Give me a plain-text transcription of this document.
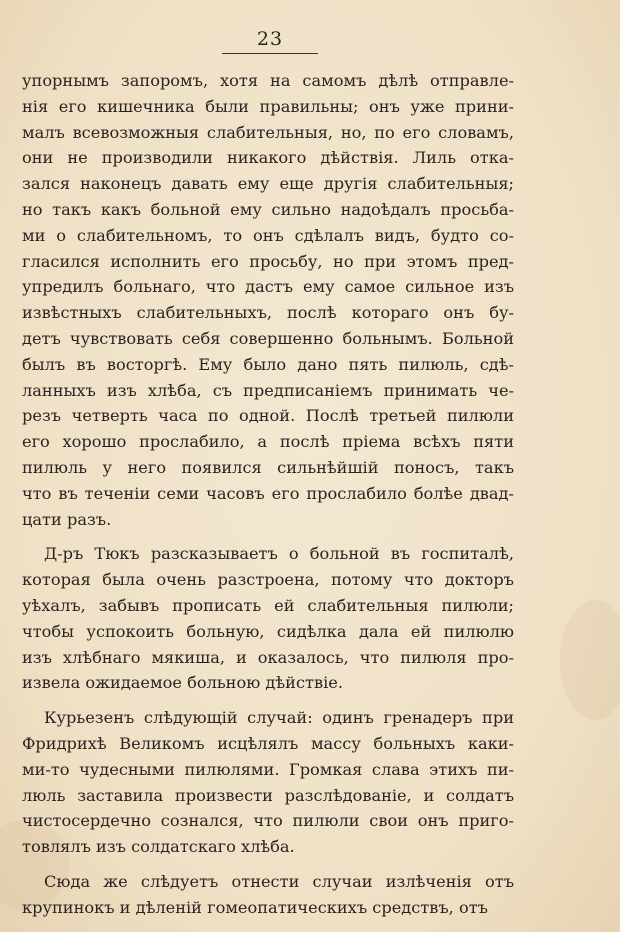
23
упорнымъ запоромъ, хотя на самомъ дѣлѣ отправле-
нія его кишечника были правильны; онъ уже прини-
малъ всевозможныя слабительныя, но, по его словамъ,
они не производили никакого дѣйствія. Лиль отка-
зался наконецъ давать ему еще другія слабительныя;
но такъ какъ больной ему сильно надоѣдалъ просьба-
ми о слабительномъ, то онъ сдѣлалъ видъ, будто со-
гласился исполнить его просьбу, но при этомъ пред-
упредилъ больнаго, что дастъ ему самое сильное изъ
извѣстныхъ слабительныхъ, послѣ котораго онъ бу-
детъ чувствовать себя совершенно больнымъ. Больной
былъ въ восторгѣ. Ему было дано пять пилюль, сдѣ-
ланныхъ изъ хлѣба, съ предписаніемъ принимать че-
резъ четверть часа по одной. Послѣ третьей пилюли
его хорошо прослабило, а послѣ пріема всѣхъ пяти
пилюль у него появился сильнѣйшій поносъ, такъ
что въ теченіи семи часовъ его прослабило болѣе двад-
цати разъ.
Д-ръ Тюкъ разсказываетъ о больной въ госпиталѣ,
которая была очень разстроена, потому что докторъ
уѣхалъ, забывъ прописать ей слабительныя пилюли;
чтобы успокоить больную, сидѣлка дала ей пилюлю
изъ хлѣбнаго мякиша, и оказалось, что пилюля про-
извела ожидаемое больною дѣйствіе.
Курьезенъ слѣдующій случай: одинъ гренадеръ при
Фридрихѣ Великомъ исцѣлялъ массу больныхъ каки-
ми-то чудесными пилюлями. Громкая слава этихъ пи-
люль заставила произвести разслѣдованіе, и солдатъ
чистосердечно сознался, что пилюли свои онъ приго-
товлялъ изъ солдатскаго хлѣба.
Сюда же слѣдуетъ отнести случаи излѣченія отъ
крупинокъ и дѣленій гомеопатическихъ средствъ, отъ
